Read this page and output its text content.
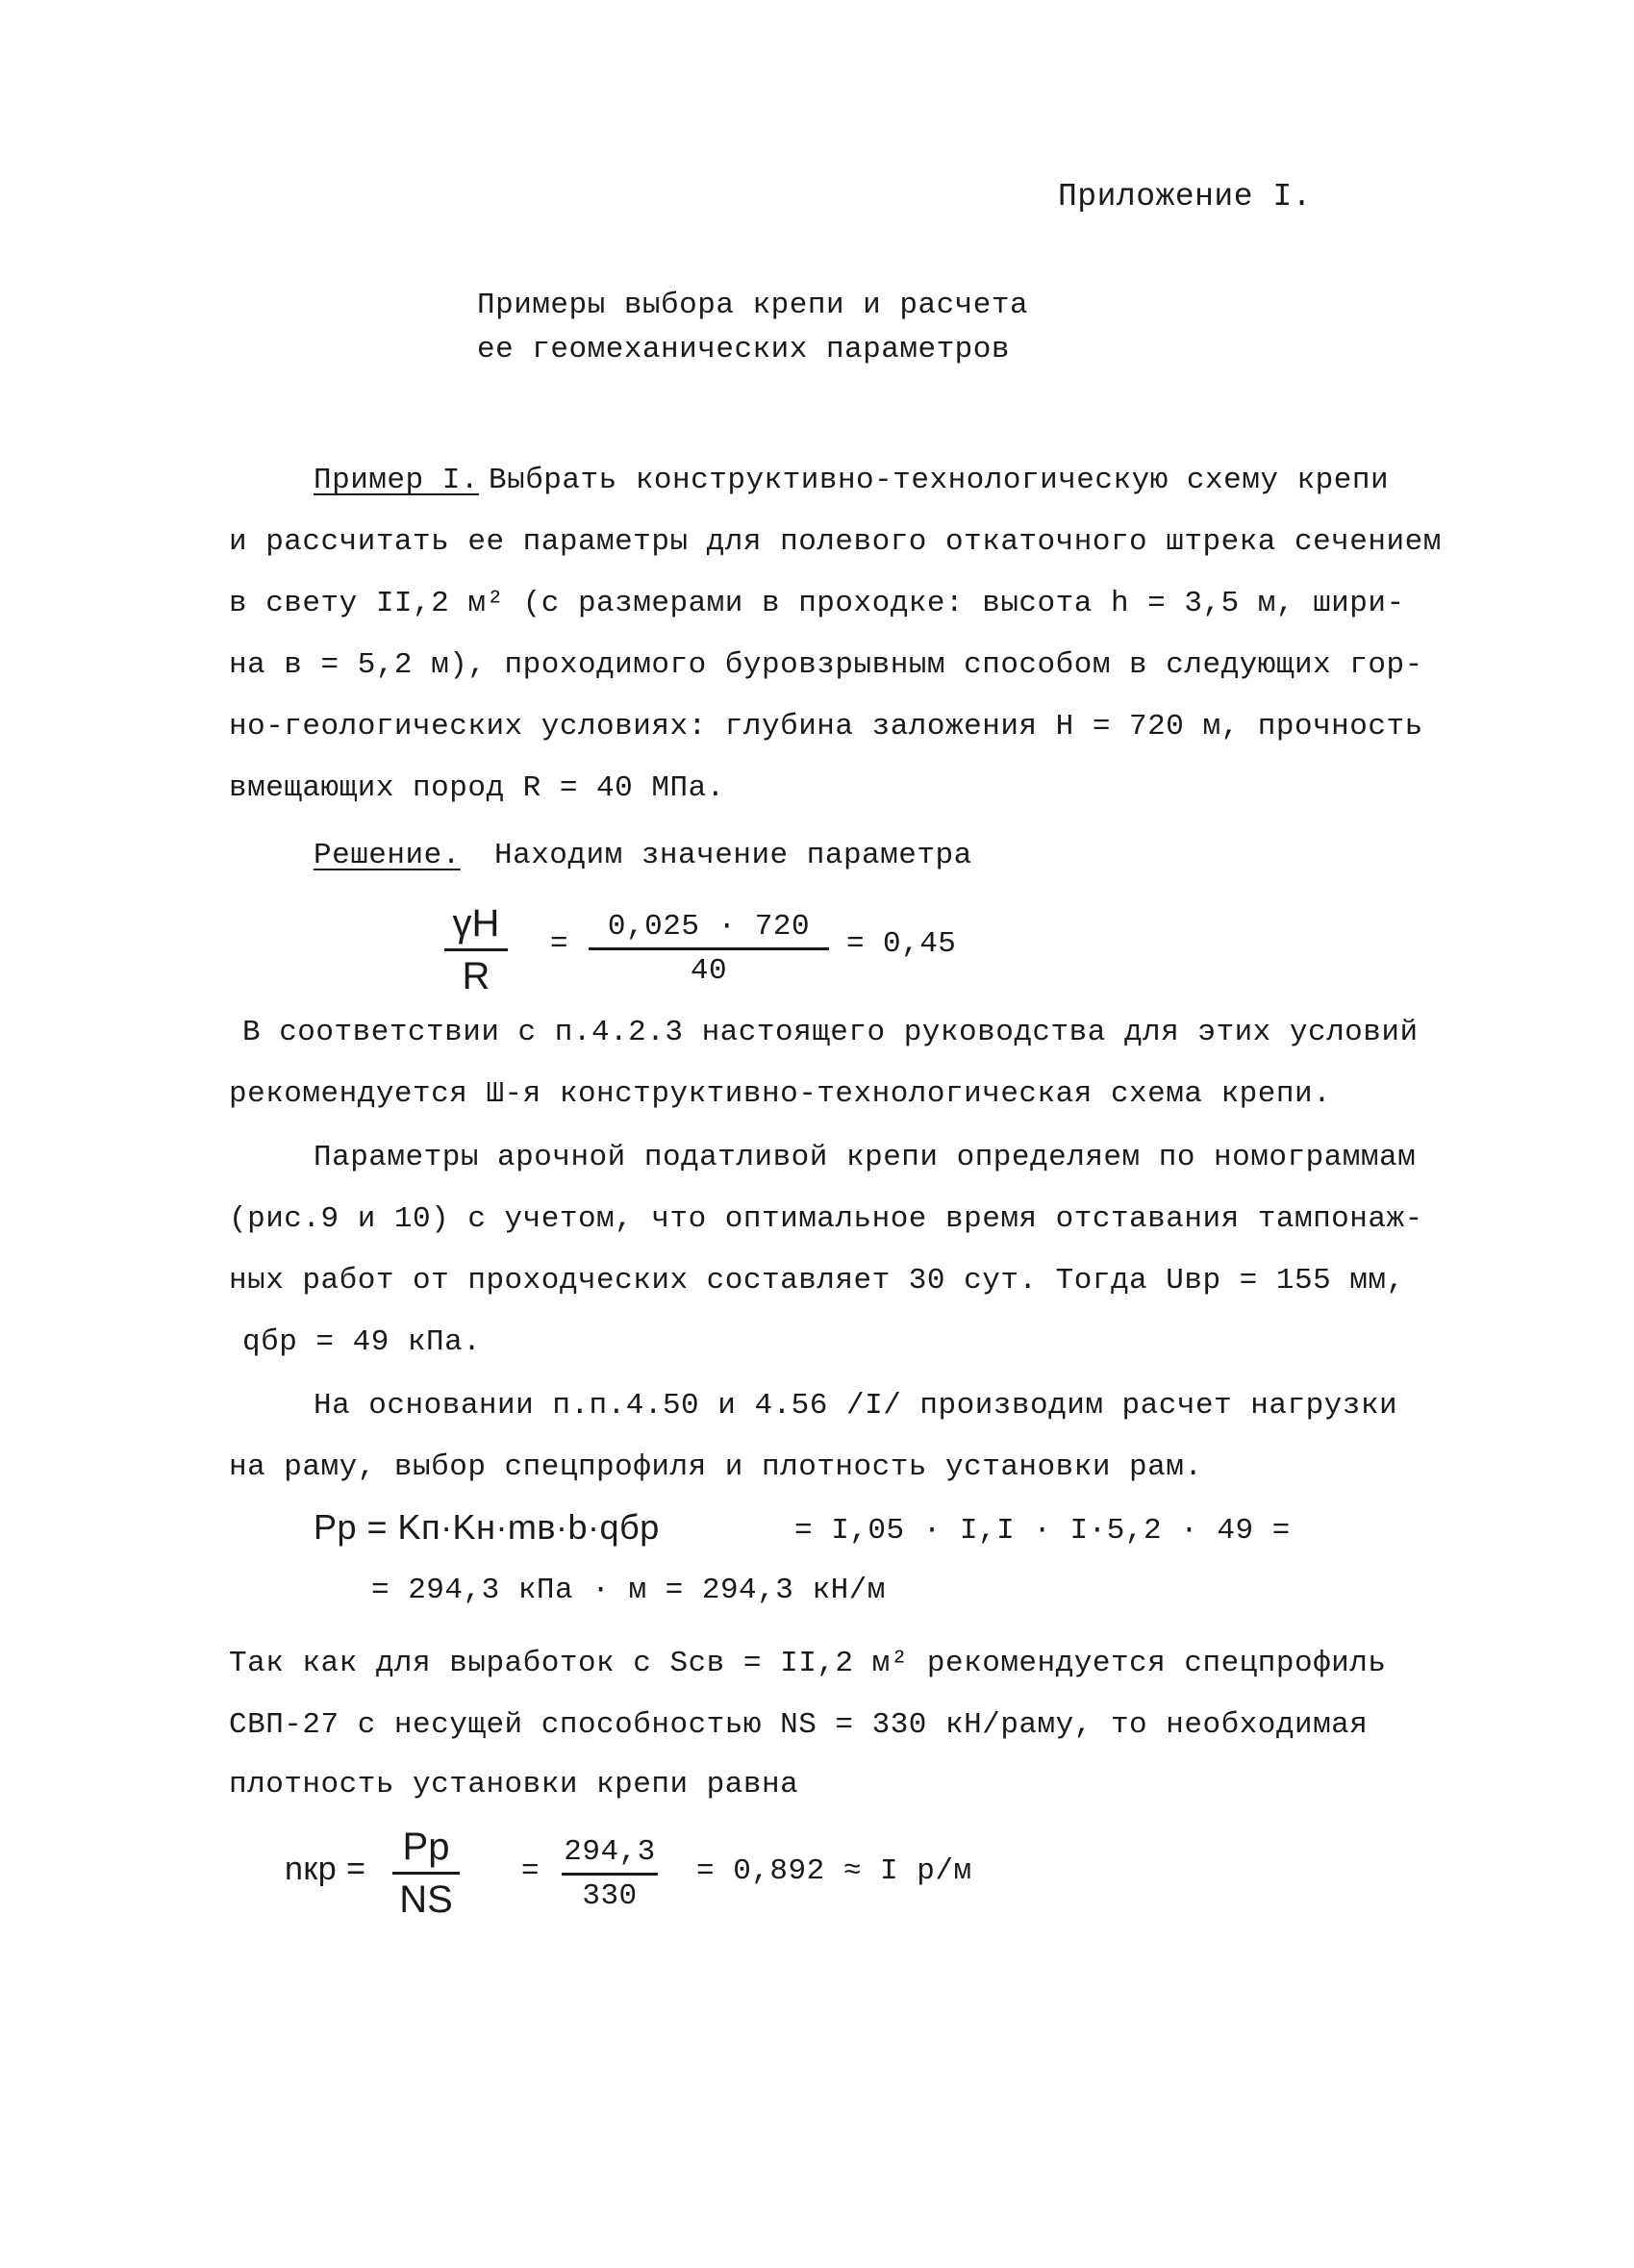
Приложение I.
Примеры выбора крепи и расчета
ее геомеханических параметров
Пример I. Выбрать конструктивно-технологическую схему крепи
и рассчитать ее параметры для полевого откаточного штрека сечением
в свету II,2 м² (с размерами в проходке: высота h = 3,5 м, шири-
на в = 5,2 м), проходимого буровзрывным способом в следующих гор-
но-геологических условиях: глубина заложения Н = 720 м, прочность
вмещающих пород R = 40 МПа.
Решение. Находим значение параметра
γH
R
=
0,025 · 720
40
= 0,45
В соответствии с п.4.2.3 настоящего руководства для этих условий
рекомендуется Ш-я конструктивно-технологическая схема крепи.
Параметры арочной податливой крепи определяем по номограммам
(рис.9 и 10) с учетом, что оптимальное время отставания тампонаж-
ных работ от проходческих составляет 30 сут. Тогда Uвр = 155 мм,
qбр = 49 кПа.
На основании п.п.4.50 и 4.56 /I/ производим расчет нагрузки
на раму, выбор спецпрофиля и плотность установки рам.
Pp = Kп·Kн·mв·b·qбр	= I,05 · I,I · I·5,2 · 49 =
= 294,3 кПа · м = 294,3 кН/м
Так как для выработок с Sсв = II,2 м² рекомендуется спецпрофиль
СВП-27 с несущей способностью NS = 330 кН/раму, то необходимая
плотность установки крепи равна
nкр =
Pp
NS
=
294,3
330
= 0,892 ≈ I р/м
